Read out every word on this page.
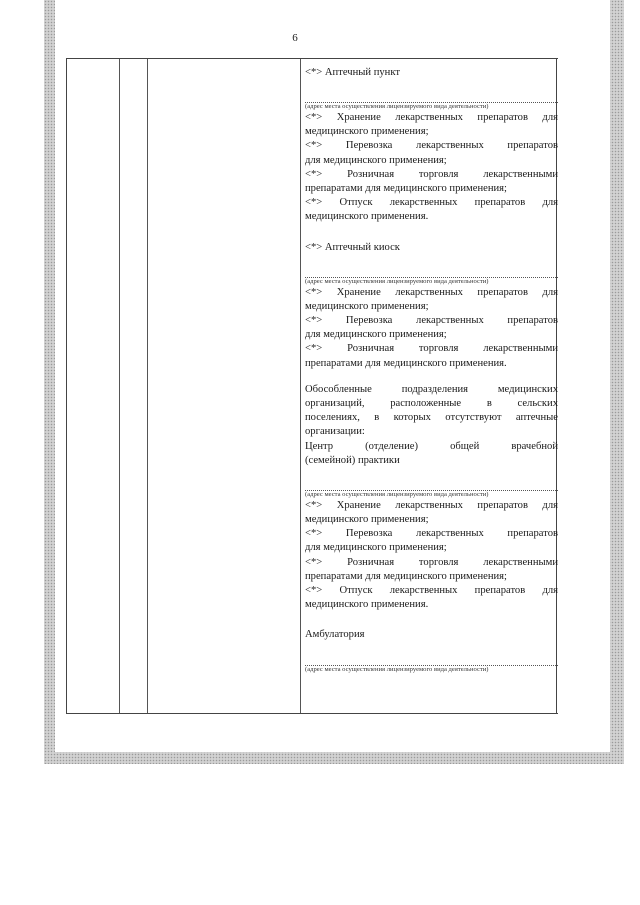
6
<*> Аптечный пункт
(адрес места осуществления лицензируемого вида деятельности)
<*> Хранение лекарственных препаратов для
медицинского применения;
<*> Перевозка лекарственных препаратов
для медицинского применения;
<*> Розничная торговля лекарственными
препаратами для медицинского применения;
<*> Отпуск лекарственных препаратов для
медицинского применения.
<*> Аптечный киоск
(адрес места осуществления лицензируемого вида деятельности)
<*> Хранение лекарственных препаратов для
медицинского применения;
<*> Перевозка лекарственных препаратов
для медицинского применения;
<*> Розничная торговля лекарственными
препаратами для медицинского применения.
Обособленные подразделения медицинских
организаций, расположенные в сельских
поселениях, в которых отсутствуют аптечные
организации:
Центр (отделение) общей врачебной
(семейной) практики
(адрес места осуществления лицензируемого вида деятельности)
<*> Хранение лекарственных препаратов для
медицинского применения;
<*> Перевозка лекарственных препаратов
для медицинского применения;
<*> Розничная торговля лекарственными
препаратами для медицинского применения;
<*> Отпуск лекарственных препаратов для
медицинского применения.
Амбулатория
(адрес места осуществления лицензируемого вида деятельности)
